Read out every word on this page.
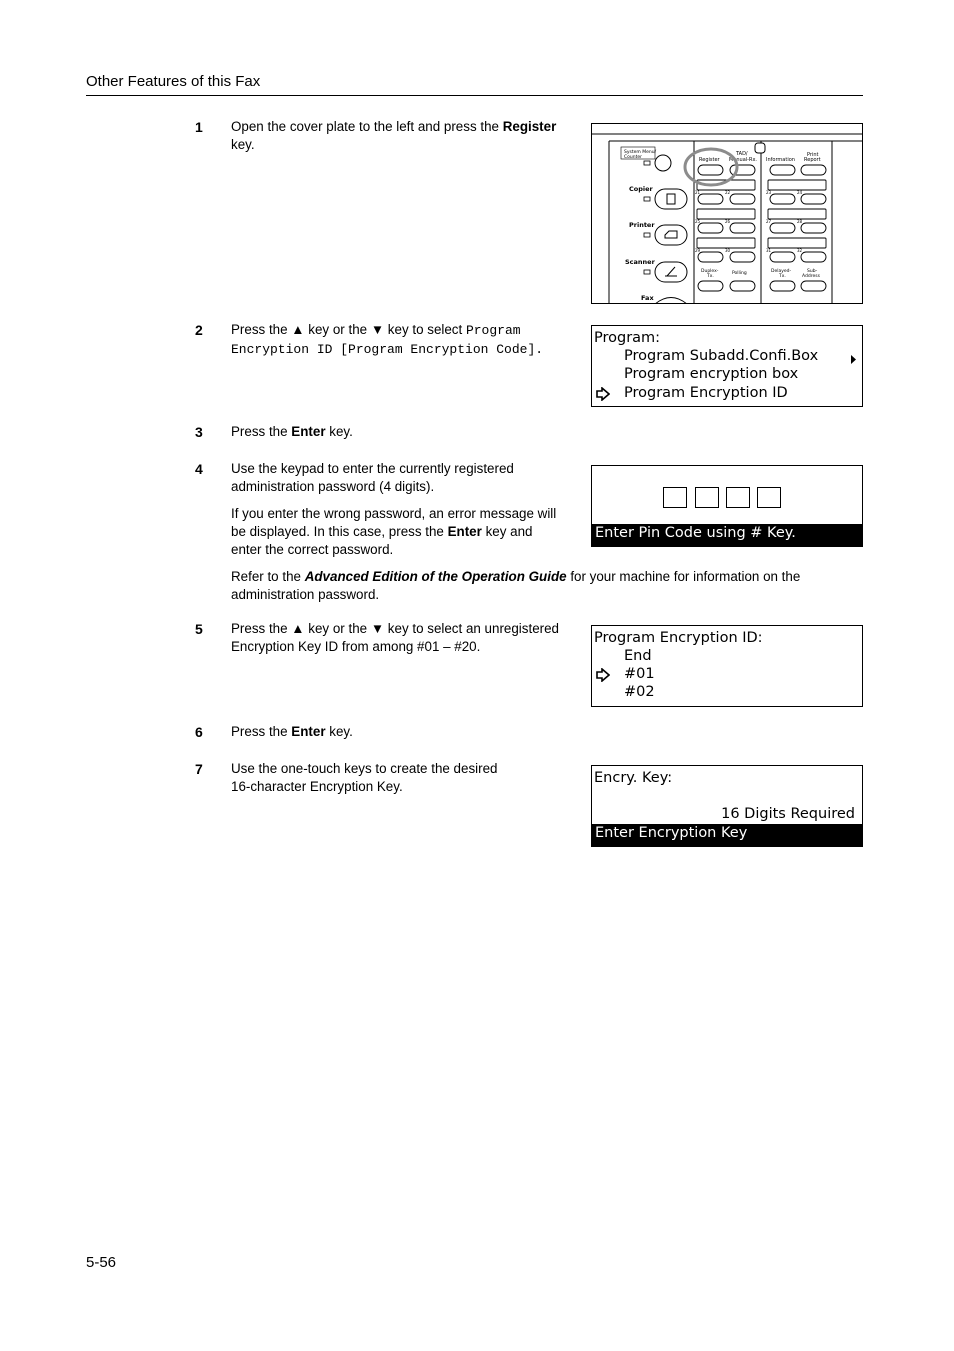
Other Features of this Fax
1 Open the cover plate to the left and press the Register
key.
System Menu/
Counter
Copier
Printer
Scanner
Fax
Register
TAD/
Manual-Rx. Information
Print
Report
21	22	23	24
25	26	27	28
29	30	31	32
Duplex-
Tx.
Polling	Delayed-
Tx.
Sub-
Address
2 Press the ▲ key or the ▼ key to select Program
Encryption ID [Program Encryption Code].
Program:
Program Subadd.Confi.Box
Program encryption box
Program Encryption ID
3 Press the Enter key.
4 Use the keypad to enter the currently registered
administration password (4 digits).
If you enter the wrong password, an error message will
be displayed. In this case, press the Enter key and
enter the correct password.
Refer to the Advanced Edition of the Operation Guide for your machine for information on the
administration password.
Enter Pin Code using # Key.
5 Press the ▲ key or the ▼ key to select an unregistered
Encryption Key ID from among #01 – #20.
Program Encryption ID:
End
#01
#02
6 Press the Enter key.
7 Use the one-touch keys to create the desired
16-character Encryption Key.
Encry. Key:
16 Digits Required
Enter Encryption Key
5-56
